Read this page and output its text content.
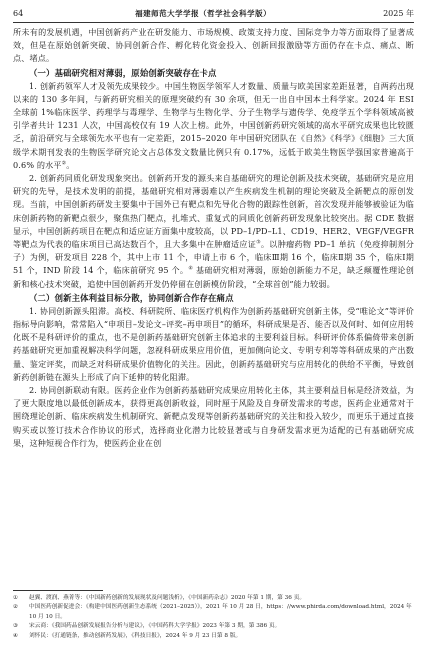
64	福建师范大学学报（哲学社会科学版）	2025 年

所未有的发展机遇，中国创新药产业在研发能力、市场规模、政策支持力度、国际竞争力等方面取得了显著成效，但是在原始创新突破、协同创新合作、孵化转化资金投入、创新回报激励等方面仍存在卡点、痛点、断点、堵点。

（一）基础研究相对薄弱，原始创新突破存在卡点

1. 创新药领军人才及领先成果较少。中国生物医学领军人才数量、质量与欧美国家差距显著，自两药出现以来的 130 多年间，与新药研究相关的原理突破约有 30 余项，但无一出自中国本土科学家。2024 年 ESI 全球前 1%临床医学、药理学与毒理学、生物学与生物化学、分子生物学与遗传学、免疫学五个学科领域高被引学者共计 1231 人次，中国高校仅有 19 人次上榜。此外，中国创新药研究领域的高水平研究成果也比较匮乏，前沿研究与全球领先水平也有一定差距，2015–2020 年中国研究团队在《自然》《科学》《细胞》三大顶级学术期刊发表的生物医学研究论文占总体发文数量比例只有 0.17%，远低于欧美生物医学强国家普遍高于 0.6% 的水平②。

2. 创新药同质化研发现象突出。创新药开发的源头来自基础研究的理论创新及技术突破，基础研究是应用研究的先导，是技术发明的前提，基础研究相对薄弱难以产生疾病发生机制的理论突破及全新靶点的原创发现。当前，中国创新药研发主要集中于国外已有靶点和先导化合物的跟踪性创新，首次发现并能够被验证为临床创新药物的新靶点很少，聚焦热门靶点，扎堆式、重复式的同质化创新药研发现象比较突出。据 CDE 数据显示，中国创新药项目在靶点和适应证方面集中度较高，以 PD–1/PD–L1、CD19、HER2、VEGF/VEGFR 等靶点为代表的临床项目已高达数百个，且大多集中在肿瘤适应证③。以肿瘤药物 PD–1 单抗（免疫抑制剂分子）为例，研发项目 228 个，其中上市 11 个，申请上市 6 个，临床Ⅲ期 16 个，临床Ⅱ期 35 个，临床Ⅰ期 51 个，IND 阶段 14 个，临床前研究 95 个。④ 基础研究相对薄弱，原始创新能力不足，缺乏颠覆性理论创新和核心技术突破，追使中国创新药开发仍停留在创新模仿阶段，“全球首创”能力较弱。

（二）创新主体利益目标分散，协同创新合作存在痛点

1. 协同创新源头阻滞。高校、科研院所、临床医疗机构作为创新药基础研究创新主体，受“唯论文”等评价指标导向影响，常常陷入“申项目–发论文–评奖–再申项目”的循环，科研成果是否、能否以及何时、如何应用转化既不是科研评价的重点，也不是创新药基础研究创新主体追求的主要利益目标。科研评价体系偏倚带来创新药基础研究更加重视解决科学问题，忽视科研成果应用价值，更加侧向论文、专明专利等等科研成果的产出数量、鉴定评奖，而缺乏对科研成果价值物化的关注。因此，创新药基础研究与应用转化的供给不平衡，导致创新药创新链在源头上形成了向下延伸的转化阻滞。

2. 协同创新联动有限。医药企业作为创新药基础研究成果应用转化主体，其主要利益目标是经济效益，为了更大限度地以最低创新成本，获得更高创新收益，同时厘于风险及自身研发需求的考虑，医药企业通常对于围绕理论创新、临床疾病发生机制研究、新靶点发现等创新药基础研究的关注和投入较少，而更乐于通过直接购买或以签订技术合作协议的形式，选择商业化潜力比较显著或与自身研发需求更为适配的已有基础研究成果，这种短视合作行为，使医药企业在创

①	赵翼、渡润、燕菁等：《中国新药创新的发展现状及问题浅析》，《中国新药杂志》2020 年第 1 期，第 36 页。
②	中国医药创新促进会：《构建中国医药创新生态系统（2021–2025）》，2021 年 10 月 28 日，https：//www.phirda.com/download.html，2024 年 10 月 10 日。
③	宋云商：《我国药品创新发展报告分析与建议》，《中国药科大学学报》2023 年第 3 期，第 386 页。
④	刘怀民：《打通链条，推动创新药发展》，《科技日报》，2024 年 9 月 23 日第 8 版。
